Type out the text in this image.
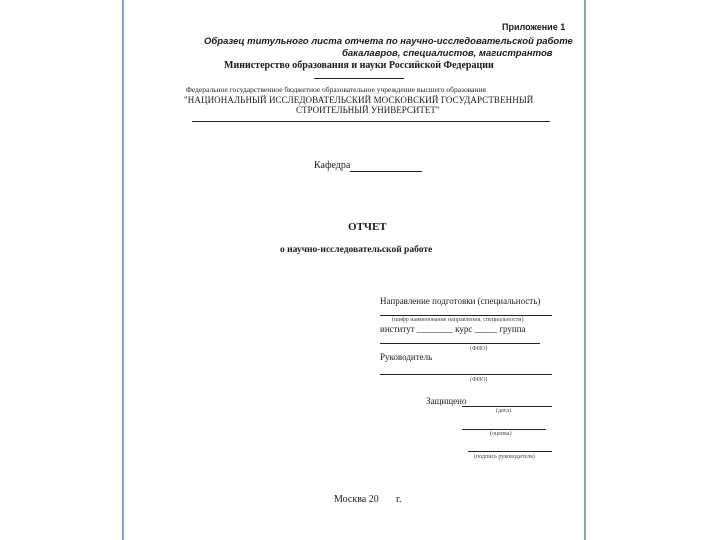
Приложение 1
Образец титульного листа отчета по научно-исследовательской работе
бакалавров, специалистов, магистрантов
Министерство образования и науки Российской Федерации
Федеральное государственное бюджетное образовательное учреждение высшего образования
"НАЦИОНАЛЬНЫЙ ИССЛЕДОВАТЕЛЬСКИЙ МОСКОВСКИЙ ГОСУДАРСТВЕННЫЙ
СТРОИТЕЛЬНЫЙ УНИВЕРСИТЕТ"
Кафедра
ОТЧЕТ
о научно-исследовательской работе
Направление подготовки (специальность)
(шифр наименование направления, специальности)
институт ________ курс _____ группа
(ФИО)
Руководитель
(ФИО)
Защищено
(дата)
(оценка)
(подпись руководителя)
Москва 20 г.
